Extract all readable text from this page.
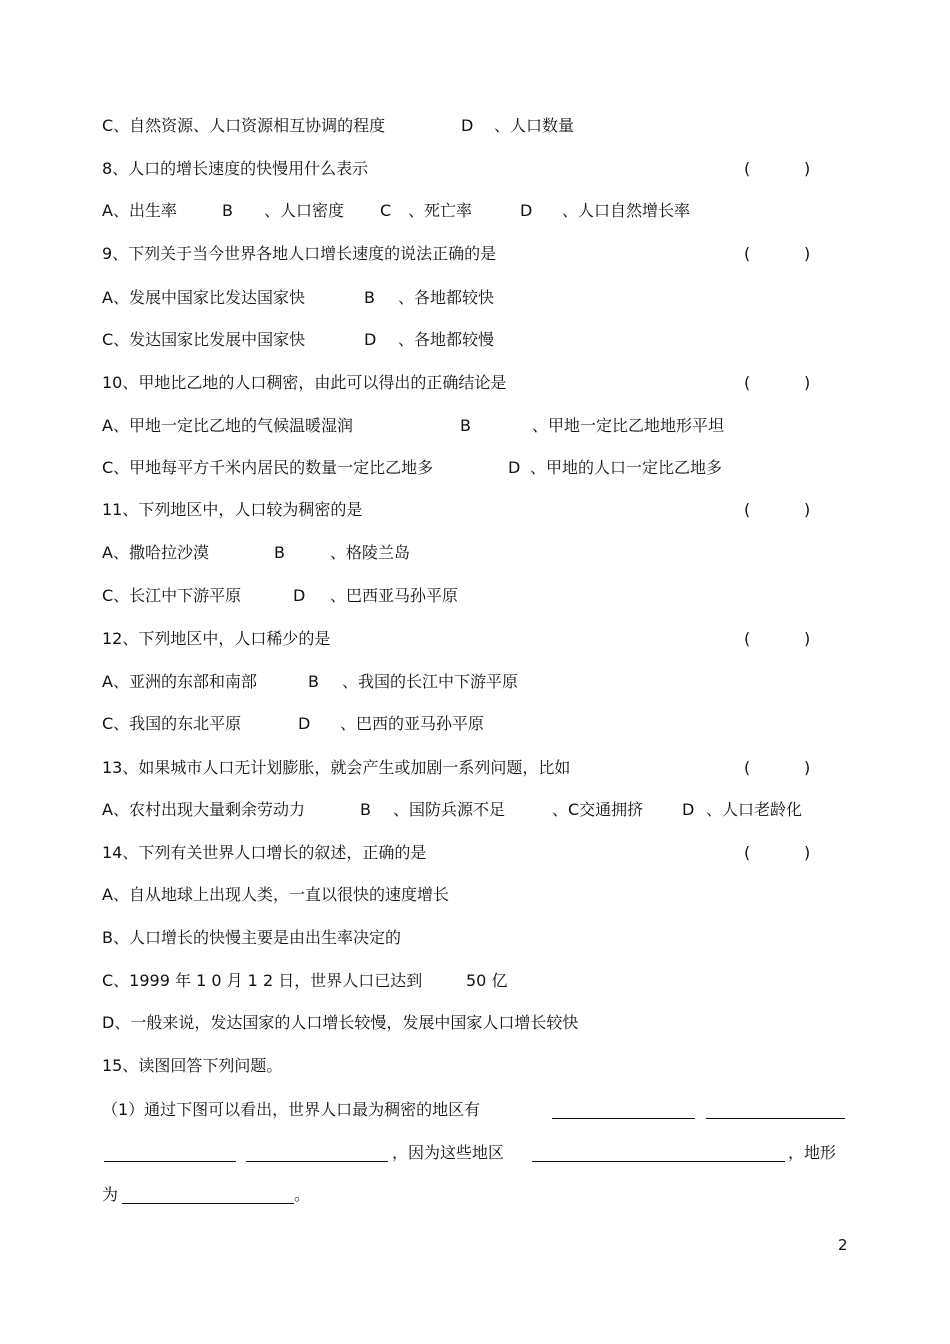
C、自然资源、人口资源相互协调的程度	D 、人口数量
8、人口的增长速度的快慢用什么表示	(	)
A、出生率	B 、人口密度 C 、死亡率	D 、人口自然增长率
9、下列关于当今世界各地人口增长速度的说法正确的是	(	)
A、发展中国家比发达国家快	B 、各地都较快
C、发达国家比发展中国家快	D 、各地都较慢
10、甲地比乙地的人口稠密，由此可以得出的正确结论是	(	)
A、甲地一定比乙地的气候温暖湿润	B	、甲地一定比乙地地形平坦
C、甲地每平方千米内居民的数量一定比乙地多	D 、甲地的人口一定比乙地多
11、下列地区中，人口较为稠密的是	(	)
A、撒哈拉沙漠	B	、格陵兰岛
C、长江中下游平原	D 、巴西亚马孙平原
12、下列地区中，人口稀少的是	(	)
A、亚洲的东部和南部	B 、我国的长江中下游平原
C、我国的东北平原	D 、巴西的亚马孙平原
13、如果城市人口无计划膨胀，就会产生或加剧一系列问题，比如	(	)
A、农村出现大量剩余劳动力	B 、国防兵源不足	、C交通拥挤 D 、人口老龄化
14、下列有关世界人口增长的叙述，正确的是	(	)
A、自从地球上出现人类，一直以很快的速度增长
B、人口增长的快慢主要是由出生率决定的
C、1999 年 1 0 月 1 2 日，世界人口已达到	50 亿
D、一般来说，发达国家的人口增长较慢，发展中国家人口增长较快
15、读图回答下列问题。
（1）通过下图可以看出，世界人口最为稠密的地区有
，因为这些地区	，地形
为	。
2
